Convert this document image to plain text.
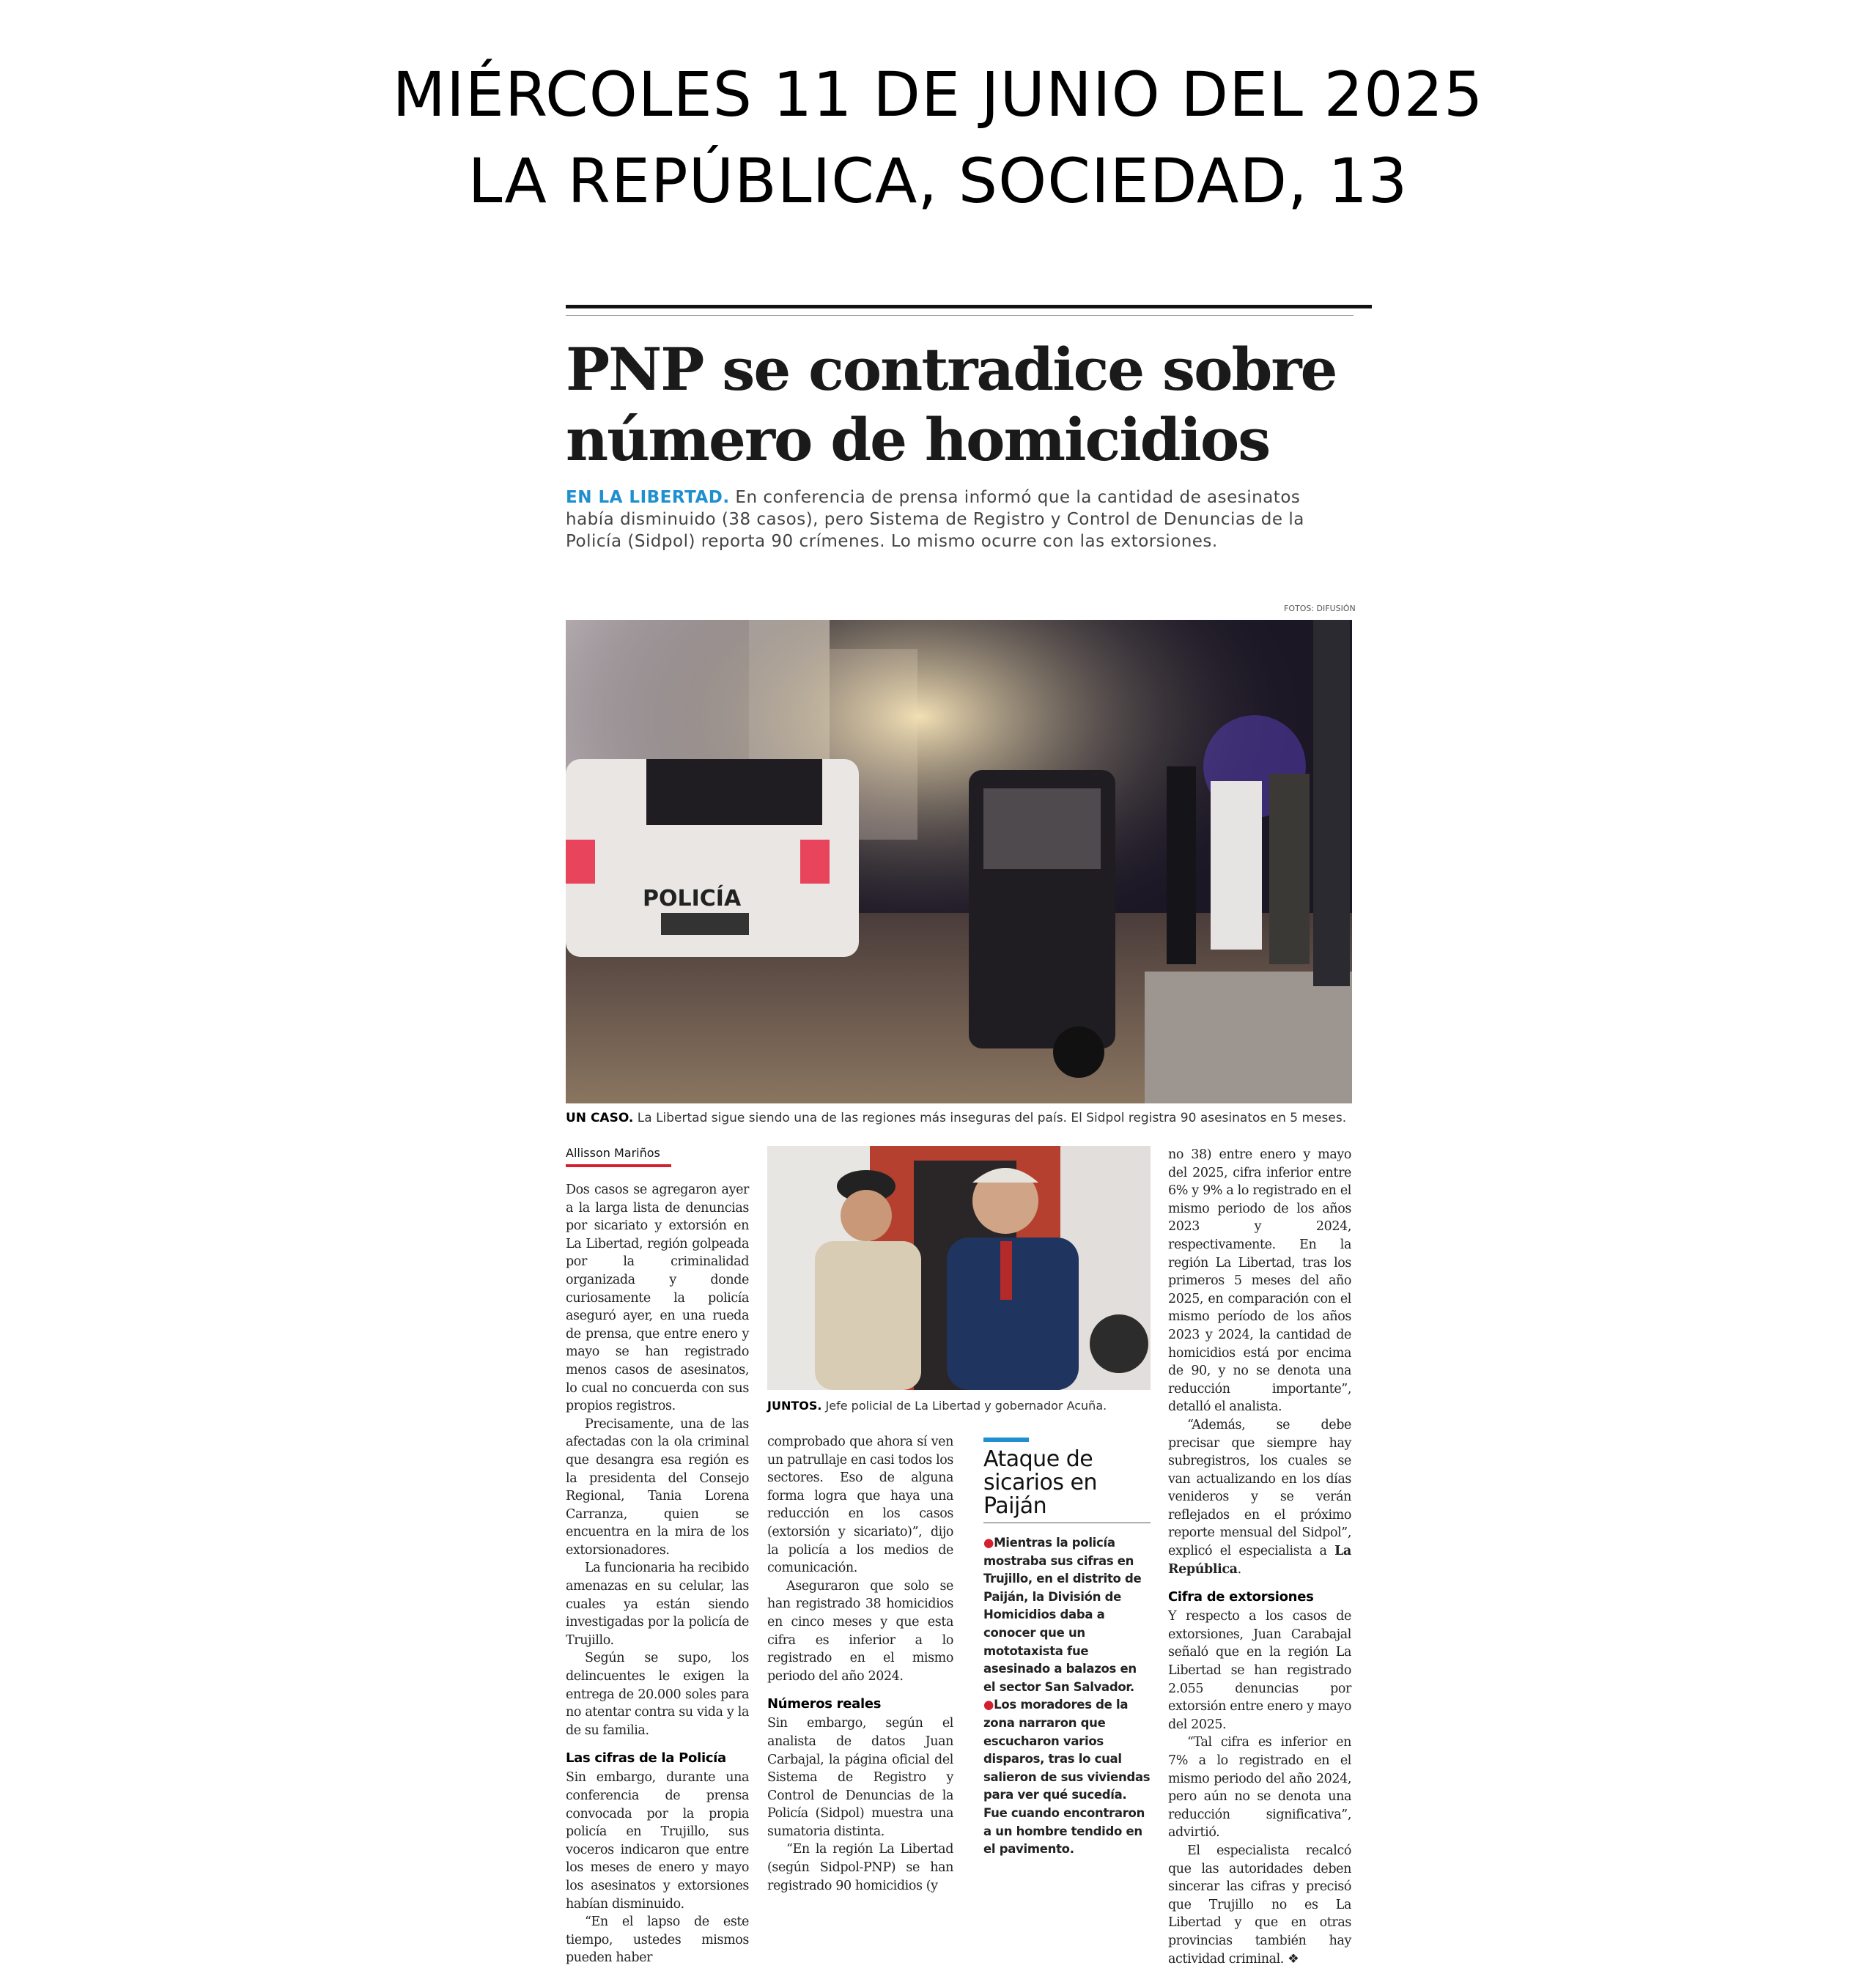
MIÉRCOLES 11 DE JUNIO DEL 2025
LA REPÚBLICA, SOCIEDAD, 13
PNP se contradice sobre
número de homicidios
EN LA LIBERTAD. En conferencia de prensa informó que la cantidad de asesinatos había disminuido (38 casos), pero Sistema de Registro y Control de Denuncias de la Policía (Sidpol) reporta 90 crímenes. Lo mismo ocurre con las extorsiones.
FOTOS: DIFUSIÓN
POLICÍA
UN CASO. La Libertad sigue siendo una de las regiones más inseguras del país. El Sidpol registra 90 asesinatos en 5 meses.
Allisson Mariños

Dos casos se agregaron ayer a la larga lista de denuncias por sicariato y extorsión en La Libertad, región golpeada por la criminalidad organizada y donde curiosamente la policía aseguró ayer, en una rueda de prensa, que entre enero y mayo se han registrado menos casos de asesinatos, lo cual no concuerda con sus propios registros.

Precisamente, una de las afectadas con la ola criminal que desangra esa región es la presidenta del Consejo Regional, Tania Lorena Carranza, quien se encuentra en la mira de los extorsionadores.

La funcionaria ha recibido amenazas en su celular, las cuales ya están siendo investigadas por la policía de Trujillo.

Según se supo, los delincuentes le exigen la entrega de 20.000 soles para no atentar contra su vida y la de su familia.

Las cifras de la Policía

Sin embargo, durante una conferencia de prensa convocada por la propia policía en Trujillo, sus voceros indicaron que entre los meses de enero y mayo los asesinatos y extorsiones habían disminuido.

“En el lapso de este tiempo, ustedes mismos pueden haber

JUNTOS. Jefe policial de La Libertad y gobernador Acuña.

comprobado que ahora sí ven un patrullaje en casi todos los sectores. Eso de alguna forma logra que haya una reducción en los casos (extorsión y sicariato)”, dijo la policía a los medios de comunicación.

Aseguraron que solo se han registrado 38 homicidios en cinco meses y que esta cifra es inferior a lo registrado en el mismo periodo del año 2024.

Números reales

Sin embargo, según el analista de datos Juan Carbajal, la página oficial del Sistema de Registro y Control de Denuncias de la Policía (Sidpol) muestra una sumatoria distinta.

“En la región La Libertad (según Sidpol-PNP) se han registrado 90 homicidios (y

Ataque de sicarios en Paiján

●Mientras la policía mostraba sus cifras en Trujillo, en el distrito de Paiján, la División de Homicidios daba a conocer que un mototaxista fue asesinado a balazos en el sector San Salvador.

●Los moradores de la zona narraron que escucharon varios disparos, tras lo cual salieron de sus viviendas para ver qué sucedía. Fue cuando encontraron a un hombre tendido en el pavimento.

no 38) entre enero y mayo del 2025, cifra inferior entre 6% y 9% a lo registrado en el mismo periodo de los años 2023 y 2024, respectivamente. En la región La Libertad, tras los primeros 5 meses del año 2025, en comparación con el mismo período de los años 2023 y 2024, la cantidad de homicidios está por encima de 90, y no se denota una reducción importante”, detalló el analista.

“Además, se debe precisar que siempre hay subregistros, los cuales se van actualizando en los días venideros y se verán reflejados en el próximo reporte mensual del Sidpol”, explicó el especialista a La República.

Cifra de extorsiones

Y respecto a los casos de extorsiones, Juan Carabajal señaló que en la región La Libertad se han registrado 2.055 denuncias por extorsión entre enero y mayo del 2025.

“Tal cifra es inferior en 7% a lo registrado en el mismo periodo del año 2024, pero aún no se denota una reducción significativa”, advirtió.

El especialista recalcó que las autoridades deben sincerar las cifras y precisó que Trujillo no es La Libertad y que en otras provincias también hay actividad criminal. ❖
